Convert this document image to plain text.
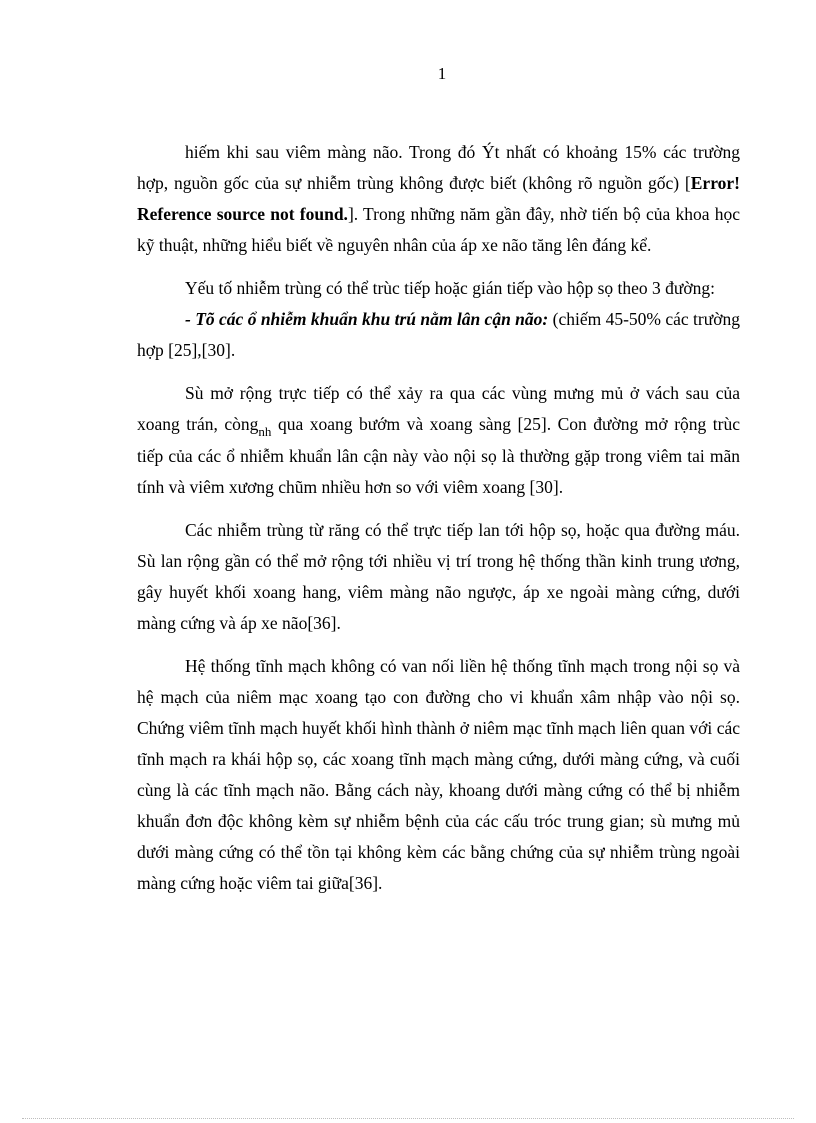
1

hiếm khi sau viêm màng não. Trong đó Ýt nhất có khoảng 15% các trường hợp, nguồn gốc của sự nhiễm trùng không được biết (không rõ nguồn gốc) [Error! Reference source not found.]. Trong những năm gần đây, nhờ tiến bộ của khoa học kỹ thuật, những hiểu biết về nguyên nhân của áp xe não tăng lên đáng kể.

Yếu tố nhiễm trùng có thể trùc tiếp hoặc gián tiếp vào hộp sọ theo 3 đường:

- Tõ các ổ nhiễm khuẩn khu trú nằm lân cận não: (chiếm 45-50% các trường hợp [25],[30].

Sù mở rộng trực tiếp có thể xảy ra qua các vùng mưng mủ ở vách sau của xoang trán, còng$_{nh}$ qua xoang bướm và xoang sàng [25]. Con đường mở rộng trùc tiếp của các ổ nhiễm khuẩn lân cận này vào nội sọ là thường gặp trong viêm tai mãn tính và viêm xương chũm nhiều hơn so với viêm xoang [30].

Các nhiễm trùng từ răng có thể trực tiếp lan tới hộp sọ, hoặc qua đường máu. Sù lan rộng gần có thể mở rộng tới nhiều vị trí trong hệ thống thần kinh trung ương, gây huyết khối xoang hang, viêm màng não ngược, áp xe ngoài màng cứng, dưới màng cứng và áp xe não[36].

Hệ thống tĩnh mạch không có van nối liền hệ thống tĩnh mạch trong nội sọ và hệ mạch của niêm mạc xoang tạo con đường cho vi khuẩn xâm nhập vào nội sọ. Chứng viêm tĩnh mạch huyết khối hình thành ở niêm mạc tĩnh mạch liên quan với các tĩnh mạch ra khái hộp sọ, các xoang tĩnh mạch màng cứng, dưới màng cứng, và cuối cùng là các tĩnh mạch não. Bằng cách này, khoang dưới màng cứng có thể bị nhiễm khuẩn đơn độc không kèm sự nhiễm bệnh của các cấu tróc trung gian; sù mưng mủ dưới màng cứng có thể tồn tại không kèm các bằng chứng của sự nhiễm trùng ngoài màng cứng hoặc viêm tai giữa[36].
